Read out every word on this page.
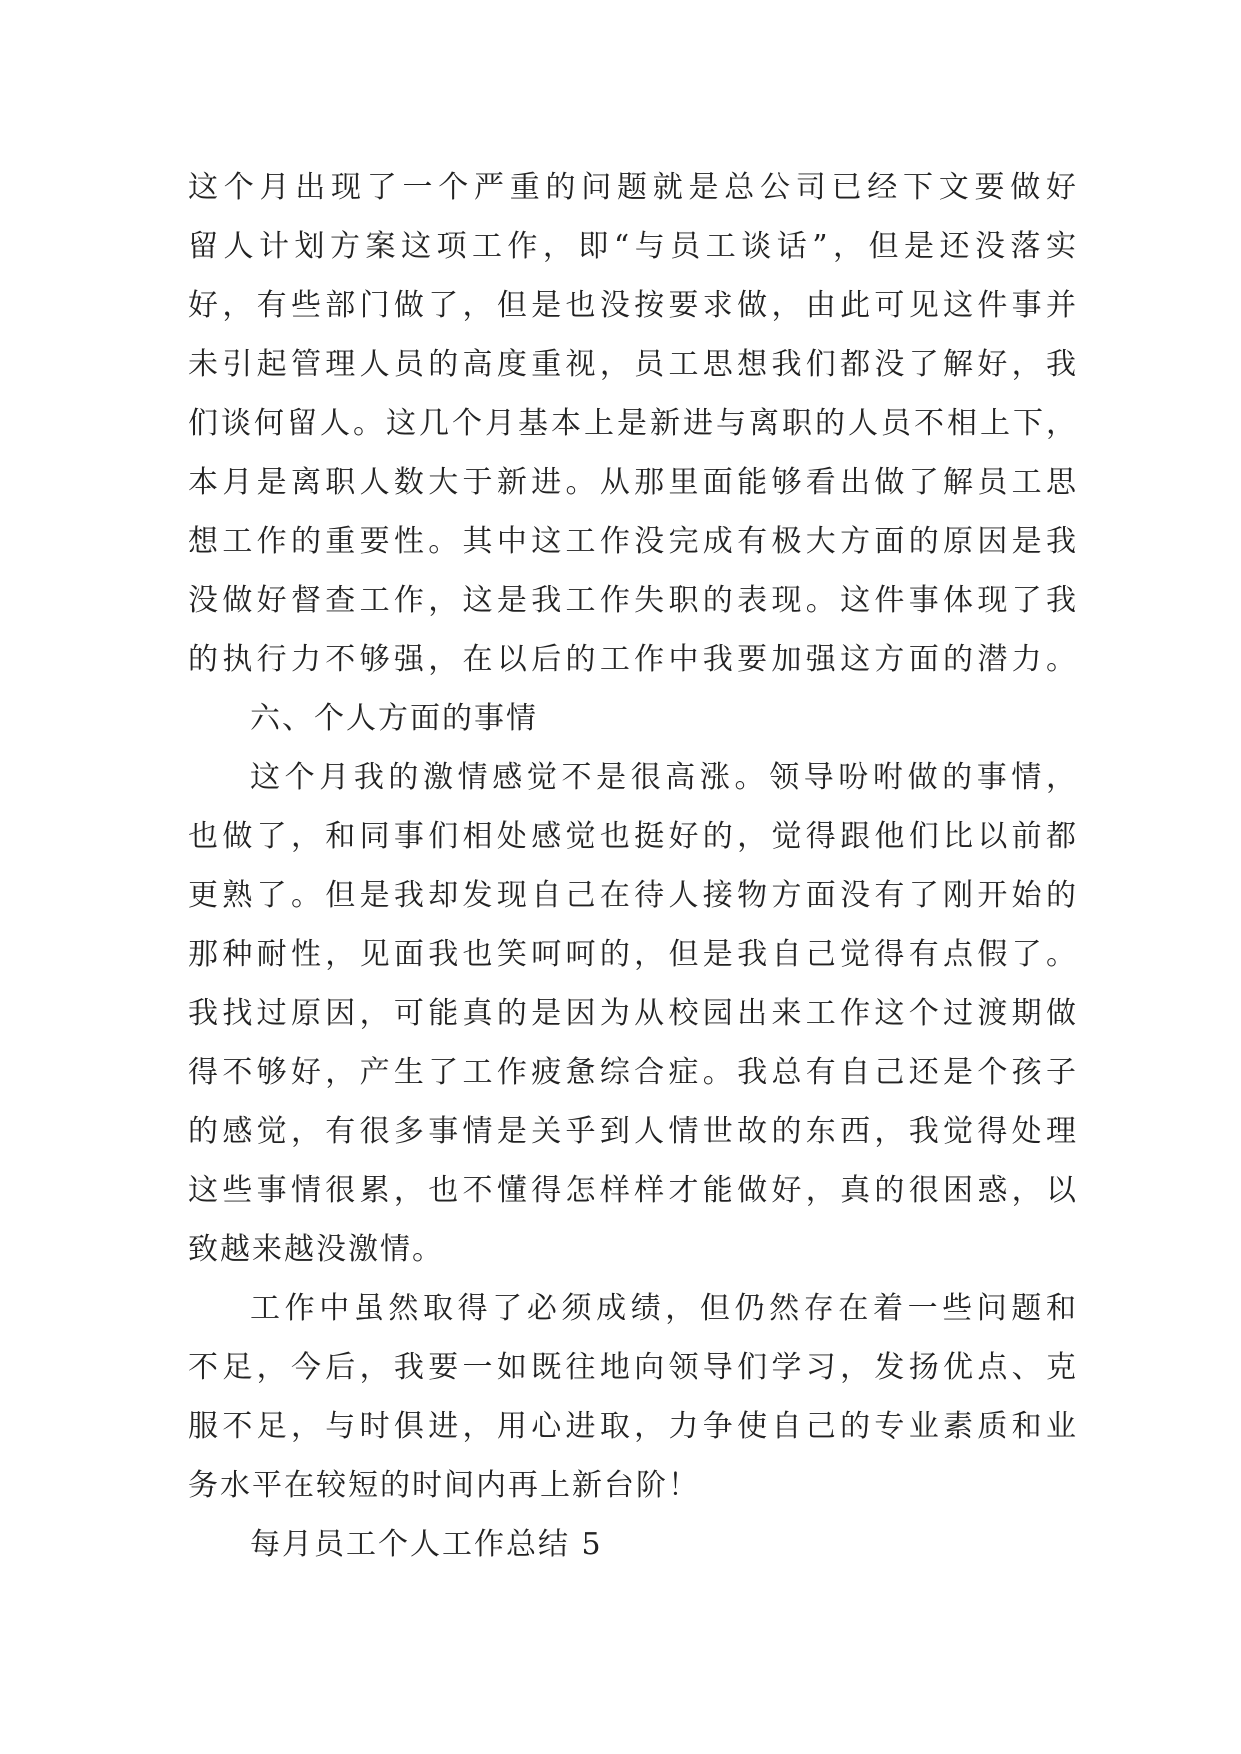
这个月出现了一个严重的问题就是总公司已经下文要做好
留人计划方案这项工作，即“与员工谈话”，但是还没落实
好，有些部门做了，但是也没按要求做，由此可见这件事并
未引起管理人员的高度重视，员工思想我们都没了解好，我
们谈何留人。这几个月基本上是新进与离职的人员不相上下，
本月是离职人数大于新进。从那里面能够看出做了解员工思
想工作的重要性。其中这工作没完成有极大方面的原因是我
没做好督查工作，这是我工作失职的表现。这件事体现了我
的执行力不够强，在以后的工作中我要加强这方面的潜力。
六、个人方面的事情
这个月我的激情感觉不是很高涨。领导吩咐做的事情，
也做了，和同事们相处感觉也挺好的，觉得跟他们比以前都
更熟了。但是我却发现自己在待人接物方面没有了刚开始的
那种耐性，见面我也笑呵呵的，但是我自己觉得有点假了。
我找过原因，可能真的是因为从校园出来工作这个过渡期做
得不够好，产生了工作疲惫综合症。我总有自己还是个孩子
的感觉，有很多事情是关乎到人情世故的东西，我觉得处理
这些事情很累，也不懂得怎样样才能做好，真的很困惑，以
致越来越没激情。
工作中虽然取得了必须成绩，但仍然存在着一些问题和
不足，今后，我要一如既往地向领导们学习，发扬优点、克
服不足，与时俱进，用心进取，力争使自己的专业素质和业
务水平在较短的时间内再上新台阶！
每月员工个人工作总结 5
